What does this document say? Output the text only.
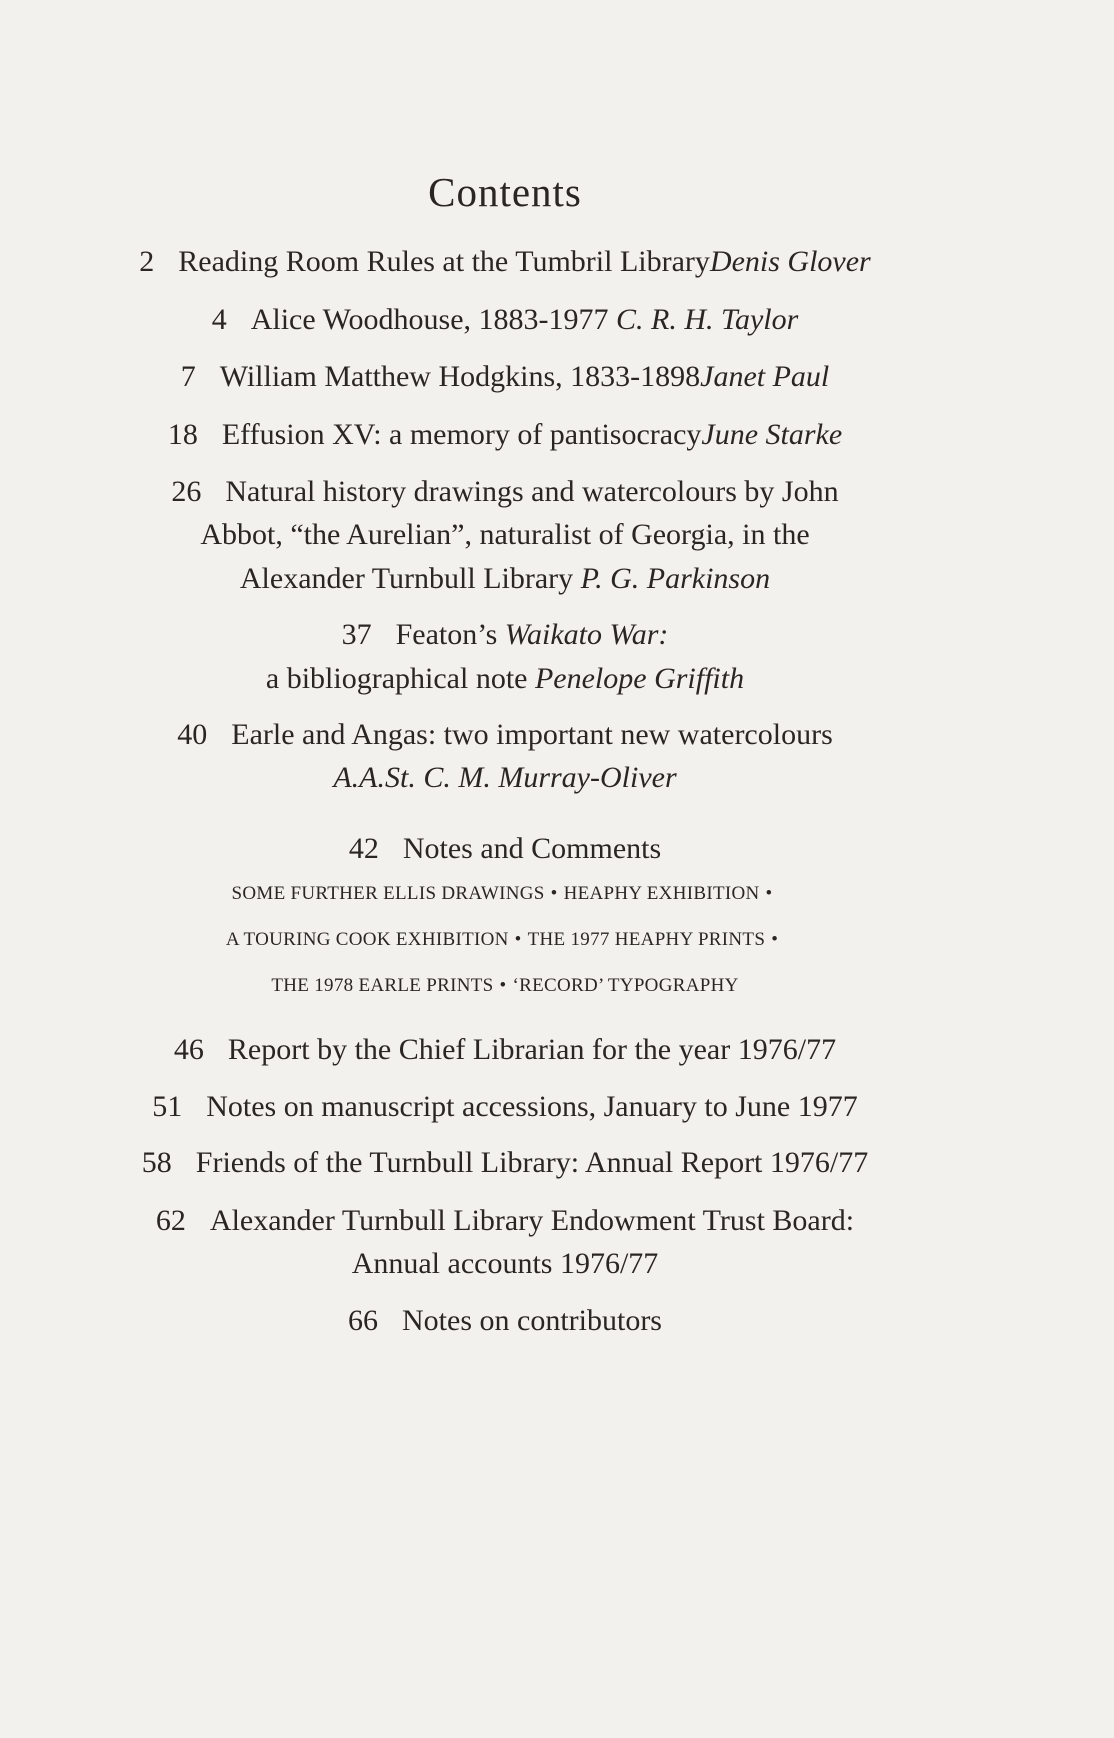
Contents
2 Reading Room Rules at the Tumbril LibraryDenis Glover
4 Alice Woodhouse, 1883-1977 C. R. H. Taylor
7 William Matthew Hodgkins, 1833-1898Janet Paul
18 Effusion XV: a memory of pantisocracyJune Starke
26 Natural history drawings and watercolours by John
Abbot, “the Aurelian”, naturalist of Georgia, in the
Alexander Turnbull Library P. G. Parkinson
37 Featon’s Waikato War:
a bibliographical note Penelope Griffith
40 Earle and Angas: two important new watercolours
A.A.St. C. M. Murray-Oliver
42 Notes and Comments
SOME FURTHER ELLIS DRAWINGS • HEAPHY EXHIBITION •
A TOURING COOK EXHIBITION • THE 1977 HEAPHY PRINTS •
THE 1978 EARLE PRINTS • ‘RECORD’ TYPOGRAPHY
46 Report by the Chief Librarian for the year 1976/77
51 Notes on manuscript accessions, January to June 1977
58 Friends of the Turnbull Library: Annual Report 1976/77
62 Alexander Turnbull Library Endowment Trust Board:
Annual accounts 1976/77
66 Notes on contributors
